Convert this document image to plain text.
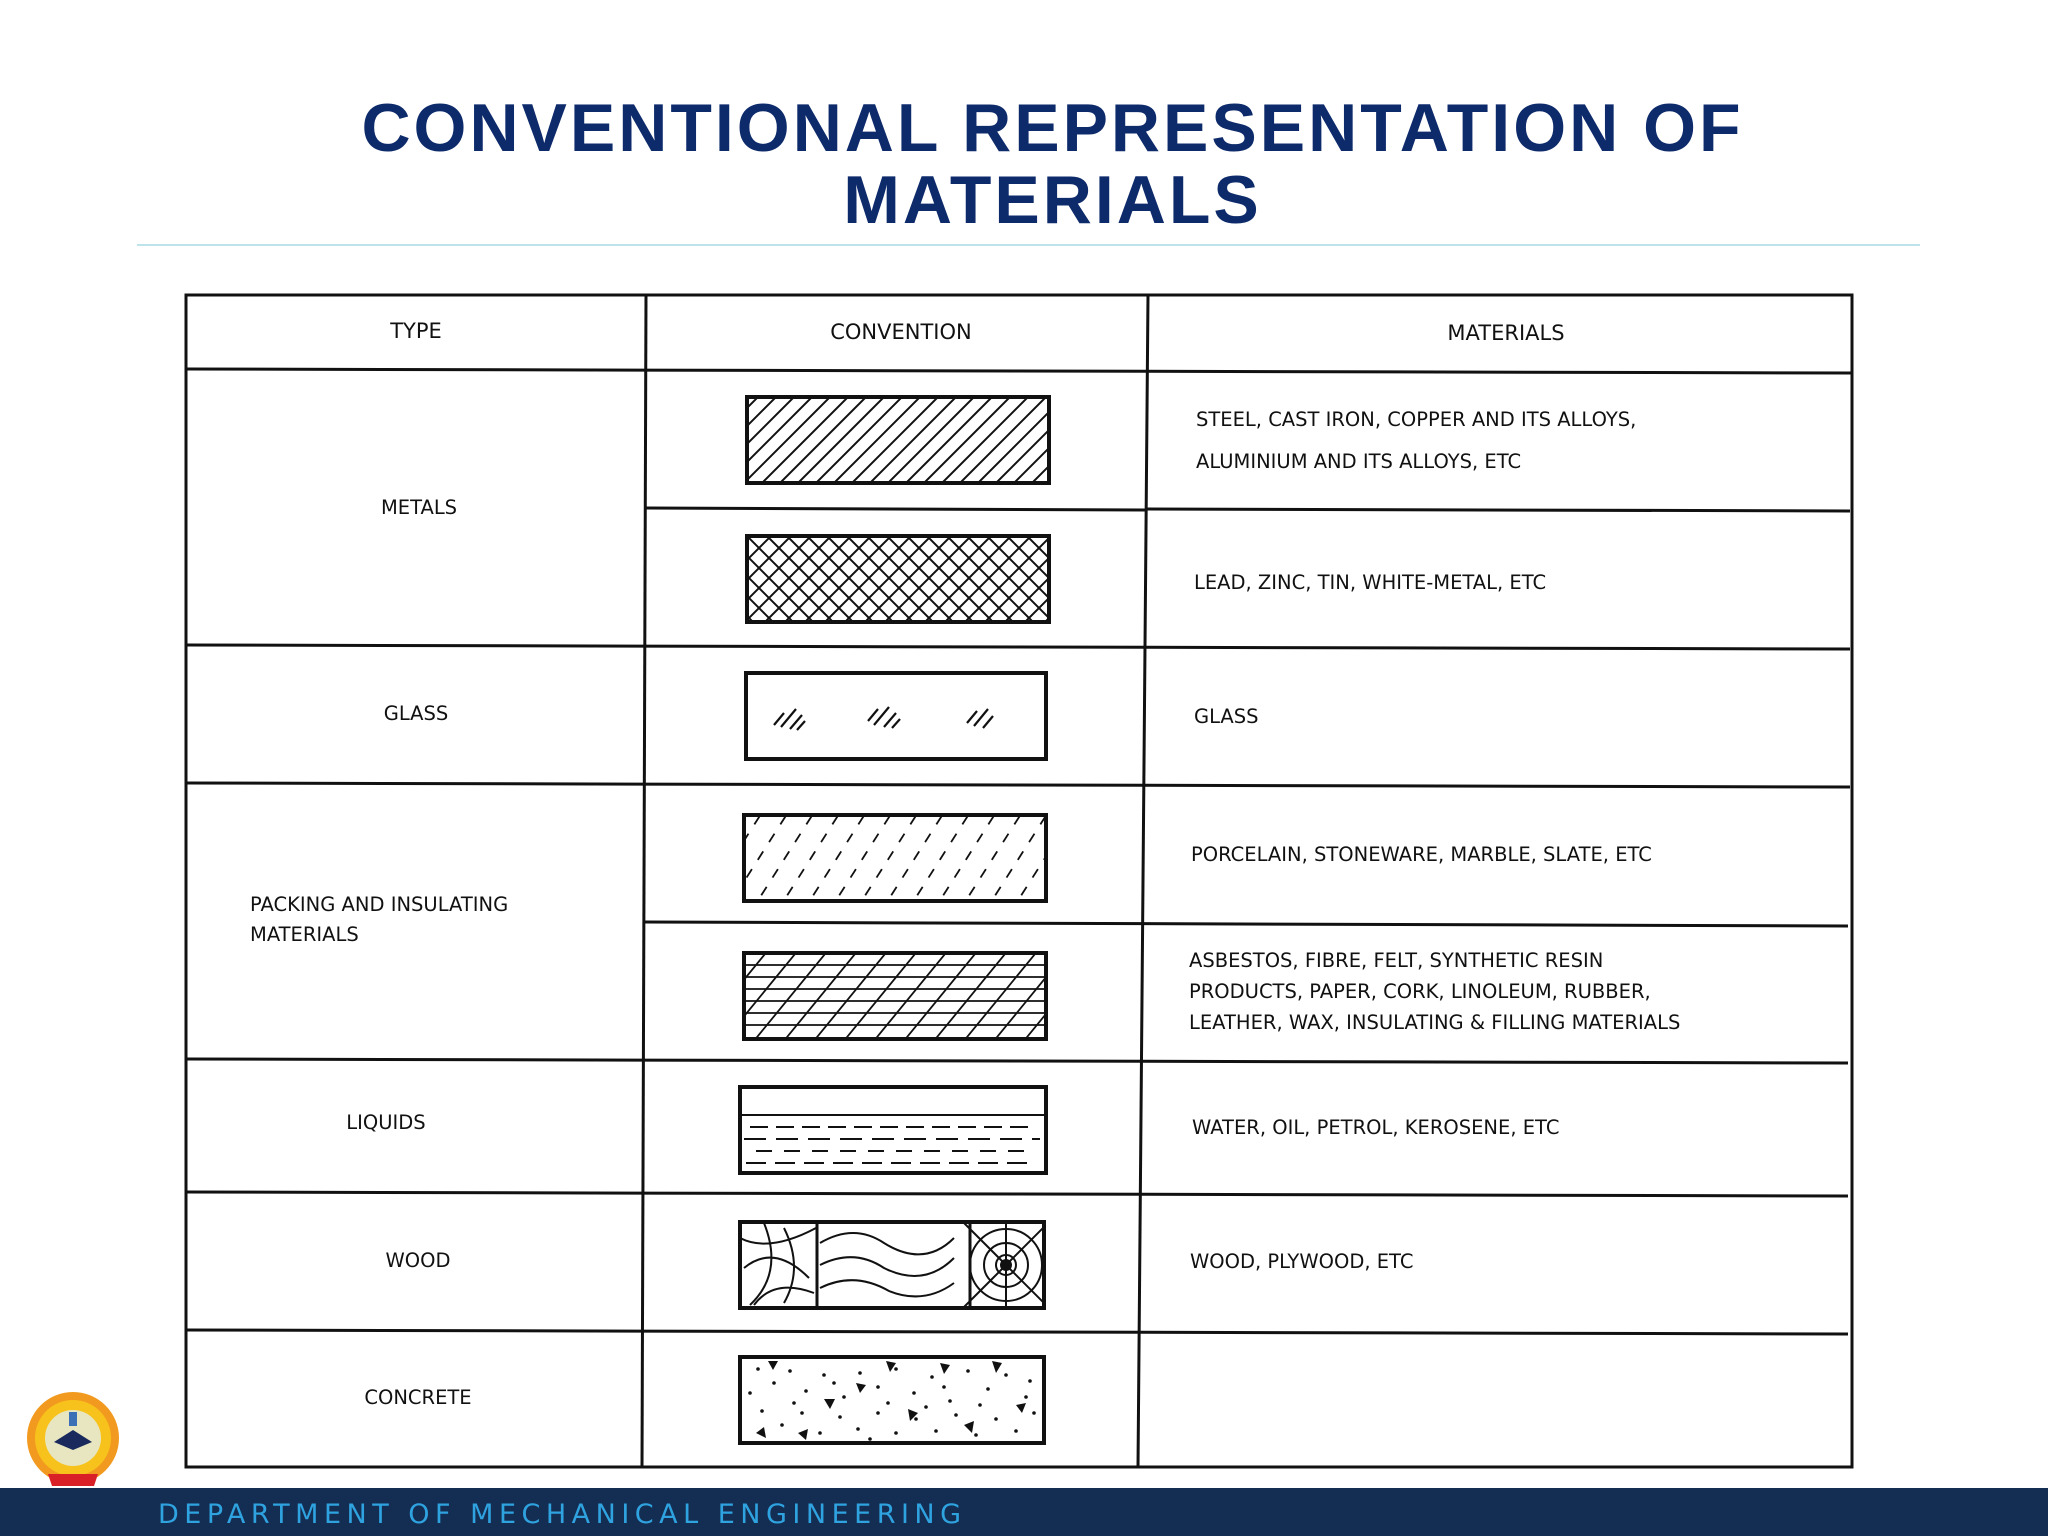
CONVENTIONAL REPRESENTATION OF
MATERIALS
TYPE	CONVENTION	MATERIALS
METALS
GLASS
PACKING AND INSULATING
MATERIALS
LIQUIDS
WOOD
CONCRETE
STEEL, CAST IRON, COPPER AND ITS ALLOYS,
ALUMINIUM AND ITS ALLOYS, ETC
LEAD, ZINC, TIN, WHITE-METAL, ETC
GLASS
PORCELAIN, STONEWARE, MARBLE, SLATE, ETC
ASBESTOS, FIBRE, FELT, SYNTHETIC RESIN
PRODUCTS, PAPER, CORK, LINOLEUM, RUBBER,
LEATHER, WAX, INSULATING & FILLING MATERIALS
WATER, OIL, PETROL, KEROSENE, ETC
WOOD, PLYWOOD, ETC
DEPARTMENT OF MECHANICAL ENGINEERING
